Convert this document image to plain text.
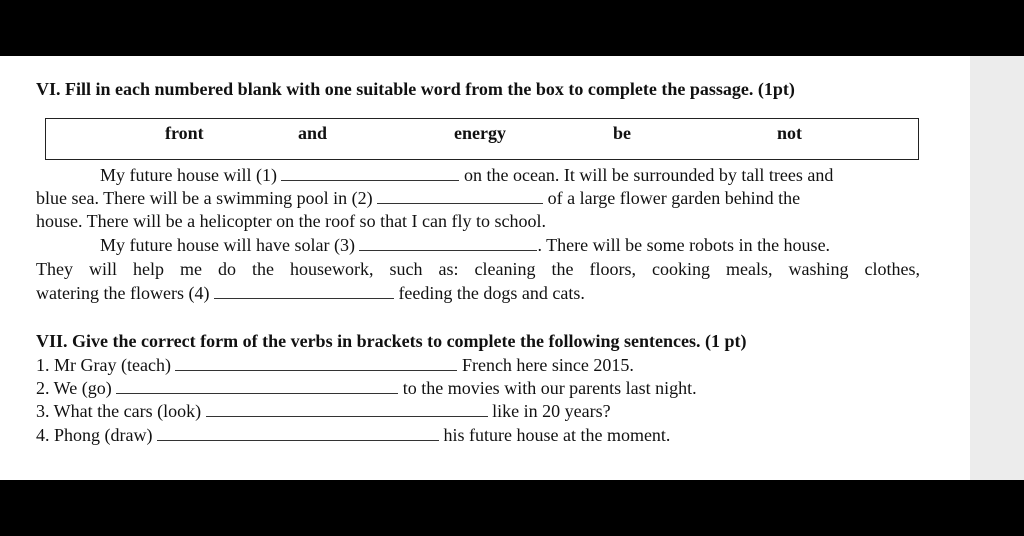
VI. Fill in each numbered blank with one suitable word from the box to complete the passage. (1pt)
front	and	energy	be	not
My future house will (1)	on the ocean. It will be surrounded by tall trees and
blue sea. There will be a swimming pool in (2)	of a large flower garden behind the
house. There will be a helicopter on the roof so that I can fly to school.
My future house will have solar (3)	. There will be some robots in the house.
They will help me do the housework, such as: cleaning the floors, cooking meals, washing clothes,
watering the flowers (4)	feeding the dogs and cats.
VII. Give the correct form of the verbs in brackets to complete the following sentences. (1 pt)
1. Mr Gray (teach)	French here since 2015.
2. We (go)	to the movies with our parents last night.
3. What the cars (look)	like in 20 years?
4. Phong (draw)	his future house at the moment.
